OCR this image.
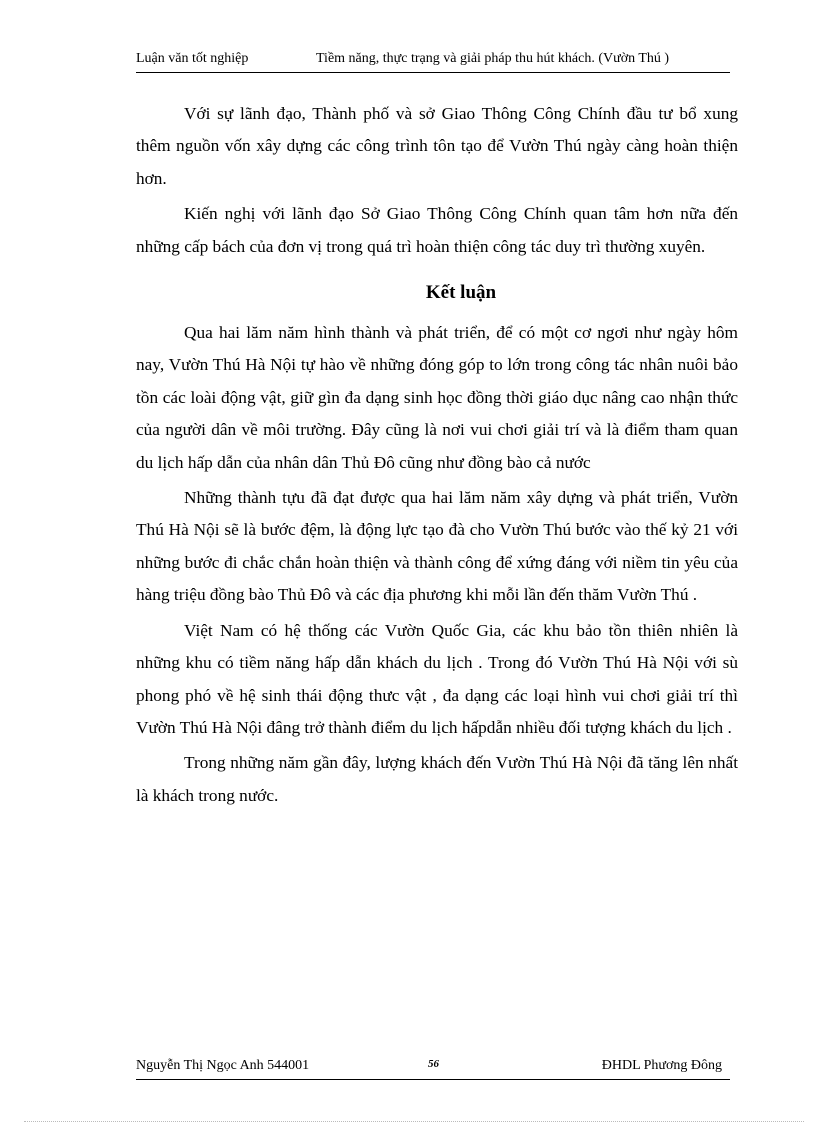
Luận văn tốt nghiệp	Tiềm năng, thực trạng và giải pháp thu hút khách. (Vườn Thú )

Với sự lãnh đạo, Thành phố và sở Giao Thông Công Chính đầu tư bổ xung thêm nguồn vốn xây dựng các công trình tôn tạo để Vườn Thú ngày càng hoàn thiện hơn.

Kiến nghị với lãnh đạo Sở Giao Thông Công Chính quan tâm hơn nữa đến những cấp bách của đơn vị trong quá trì hoàn thiện công tác duy trì thường xuyên.

Kết luận

Qua hai lăm năm hình thành và phát triển, để có một cơ ngơi như ngày hôm nay, Vườn Thú Hà Nội tự hào về những đóng góp to lớn trong công tác nhân nuôi bảo tồn các loài động vật, giữ gìn đa dạng sinh học đồng thời giáo dục nâng cao nhận thức của người dân về môi trường. Đây cũng là nơi vui chơi giải trí và là điểm tham quan du lịch hấp dẫn của nhân dân Thủ Đô cũng như đồng bào cả nước

Những thành tựu đã đạt được qua hai lăm năm xây dựng và phát triển, Vườn Thú Hà Nội sẽ là bước đệm, là động lực tạo đà cho Vườn Thú bước vào thế kỷ 21 với những bước đi chắc chắn hoàn thiện và thành công để xứng đáng với niềm tin yêu của hàng triệu đồng bào Thủ Đô và các địa phương khi mỗi lần đến thăm Vườn Thú .

Việt Nam có hệ thống các Vườn Quốc Gia, các khu bảo tồn thiên nhiên là những khu có tiềm năng hấp dẫn khách du lịch . Trong đó Vườn Thú Hà Nội với sù phong phó về hệ sinh thái động thưc vật , đa dạng các loại hình vui chơi giải trí thì Vườn Thú Hà Nội đâng trở thành điểm du lịch hấpdẫn nhiều đối tượng khách du lịch .

Trong những năm gần đây, lượng khách đến Vườn Thú Hà Nội đã tăng lên nhất là khách trong nước.

Nguyễn Thị Ngọc Anh 544001	56	ĐHDL Phương Đông
